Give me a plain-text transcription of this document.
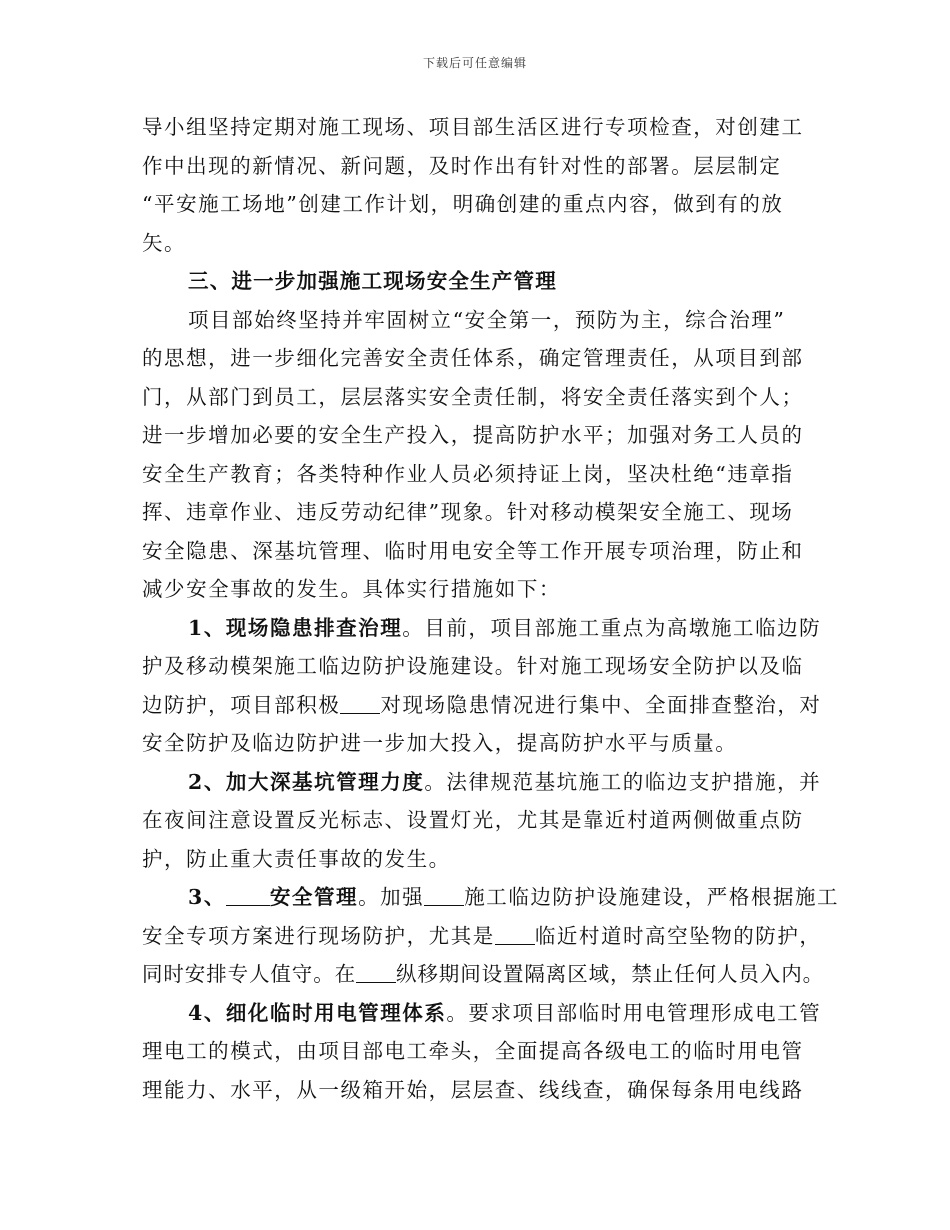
下载后可任意编辑
导小组坚持定期对施工现场、项目部生活区进行专项检查，对创建工
作中出现的新情况、新问题，及时作出有针对性的部署。层层制定
“平安施工场地”创建工作计划，明确创建的重点内容，做到有的放
矢。
三、进一步加强施工现场安全生产管理
项目部始终坚持并牢固树立“安全第一，预防为主，综合治理”
的思想，进一步细化完善安全责任体系，确定管理责任，从项目到部
门，从部门到员工，层层落实安全责任制，将安全责任落实到个人；
进一步增加必要的安全生产投入，提高防护水平；加强对务工人员的
安全生产教育；各类特种作业人员必须持证上岗，坚决杜绝“违章指
挥、违章作业、违反劳动纪律”现象。针对移动模架安全施工、现场
安全隐患、深基坑管理、临时用电安全等工作开展专项治理，防止和
减少安全事故的发生。具体实行措施如下：
1、现场隐患排查治理。目前，项目部施工重点为高墩施工临边防
护及移动模架施工临边防护设施建设。针对施工现场安全防护以及临
边防护，项目部积极 对现场隐患情况进行集中、全面排查整治，对
安全防护及临边防护进一步加大投入，提高防护水平与质量。
2、加大深基坑管理力度。法律规范基坑施工的临边支护措施，并
在夜间注意设置反光标志、设置灯光，尤其是靠近村道两侧做重点防
护，防止重大责任事故的发生。
3、 安全管理。加强 施工临边防护设施建设，严格根据施工
安全专项方案进行现场防护，尤其是 临近村道时高空坠物的防护，
同时安排专人值守。在 纵移期间设置隔离区域，禁止任何人员入内。
4、细化临时用电管理体系。要求项目部临时用电管理形成电工管
理电工的模式，由项目部电工牵头，全面提高各级电工的临时用电管
理能力、水平，从一级箱开始，层层查、线线查，确保每条用电线路
